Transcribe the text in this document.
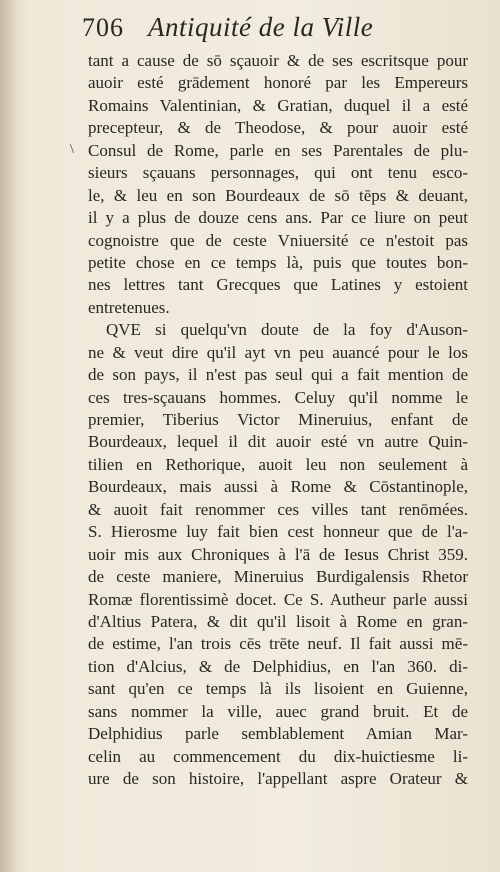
706 Antiquité de la Ville
\
tant a cause de sō sçauoir & de ses escritsque pour
auoir esté grādement honoré par les Empereurs
Romains Valentinian, & Gratian, duquel il a esté
precepteur, & de Theodose, & pour auoir esté
Consul de Rome, parle en ses Parentales de plu-
sieurs sçauans personnages, qui ont tenu esco-
le, & leu en son Bourdeaux de sō tēps & deuant,
il y a plus de douze cens ans. Par ce liure on peut
cognoistre que de ceste Vniuersité ce n'estoit pas
petite chose en ce temps là, puis que toutes bon-
nes lettres tant Grecques que Latines y estoient
entretenues.
QVE si quelqu'vn doute de la foy d'Auson-
ne & veut dire qu'il ayt vn peu auancé pour le los
de son pays, il n'est pas seul qui a fait mention de
ces tres-sçauans hommes. Celuy qu'il nomme le
premier, Tiberius Victor Mineruius, enfant de
Bourdeaux, lequel il dit auoir esté vn autre Quin-
tilien en Rethorique, auoit leu non seulement à
Bourdeaux, mais aussi à Rome & Cōstantinople,
& auoit fait renommer ces villes tant renōmées.
S. Hierosme luy fait bien cest honneur que de l'a-
uoir mis aux Chroniques à l'ā de Iesus Christ 359.
de ceste maniere, Mineruius Burdigalensis Rhetor
Romæ florentissimè docet. Ce S. Autheur parle aussi
d'Altius Patera, & dit qu'il lisoit à Rome en gran-
de estime, l'an trois cēs trēte neuf. Il fait aussi mē-
tion d'Alcius, & de Delphidius, en l'an 360. di-
sant qu'en ce temps là ils lisoient en Guienne,
sans nommer la ville, auec grand bruit. Et de
Delphidius parle semblablement Amian Mar-
celin au commencement du dix-huictiesme li-
ure de son histoire, l'appellant aspre Orateur &
